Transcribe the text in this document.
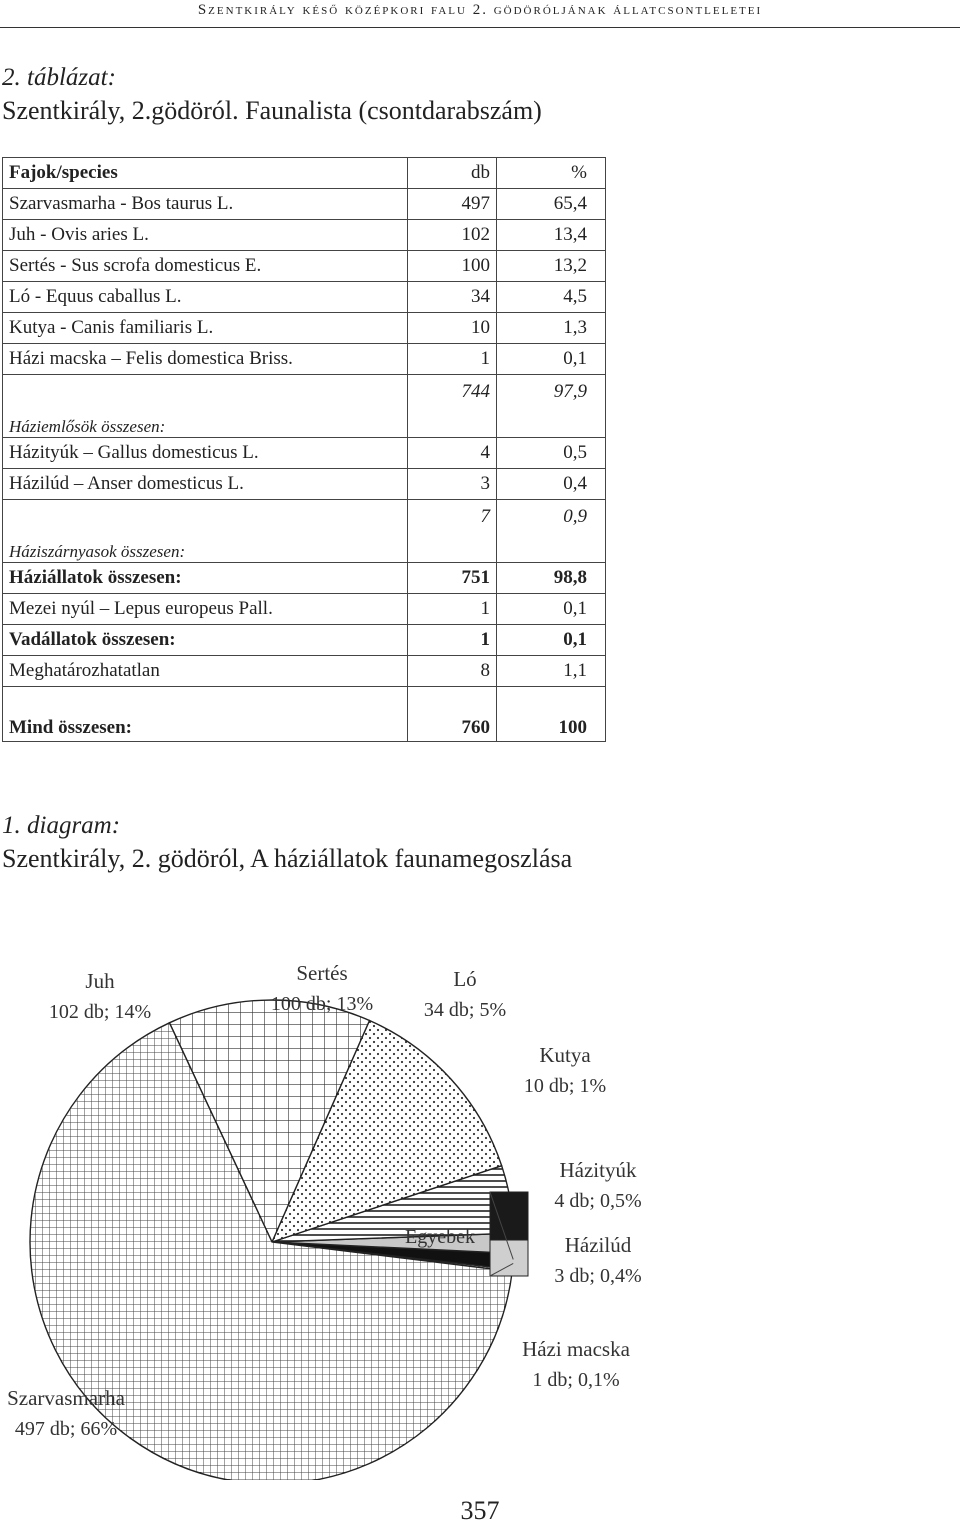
Szentkirály késő középkori falu 2. gödöróljának állatcsontleletei
2. táblázat:
Szentkirály, 2.gödöról. Faunalista (csontdarabszám)
Fajok/species	db	%
Szarvasmarha - Bos taurus L.	497	65,4
Juh - Ovis aries L.	102	13,4
Sertés - Sus scrofa domesticus E.	100	13,2
Ló - Equus caballus L.	34	4,5
Kutya - Canis familiaris L.	10	1,3
Házi macska – Felis domestica Briss.	1	0,1
Háziemlősök összesen:	744	97,9
Házityúk – Gallus domesticus L.	4	0,5
Házilúd – Anser domesticus L.	3	0,4
Háziszárnyasok összesen:	7	0,9
Háziállatok összesen:	751	98,8
Mezei nyúl – Lepus europeus Pall.	1	0,1
Vadállatok összesen:	1	0,1
Meghatározhatatlan	8	1,1
Mind összesen:	760	100
1. diagram:
Szentkirály, 2. gödöról, A háziállatok faunamegoszlása
Szarvasmarha
497 db; 66%
Juh
102 db; 14%
Sertés
100 db; 13%
Ló
34 db; 5%
Kutya
10 db; 1%
Egyebek
Házi macska
1 db; 0,1%
Házityúk
4 db; 0,5%
Házilúd
3 db; 0,4%
357
